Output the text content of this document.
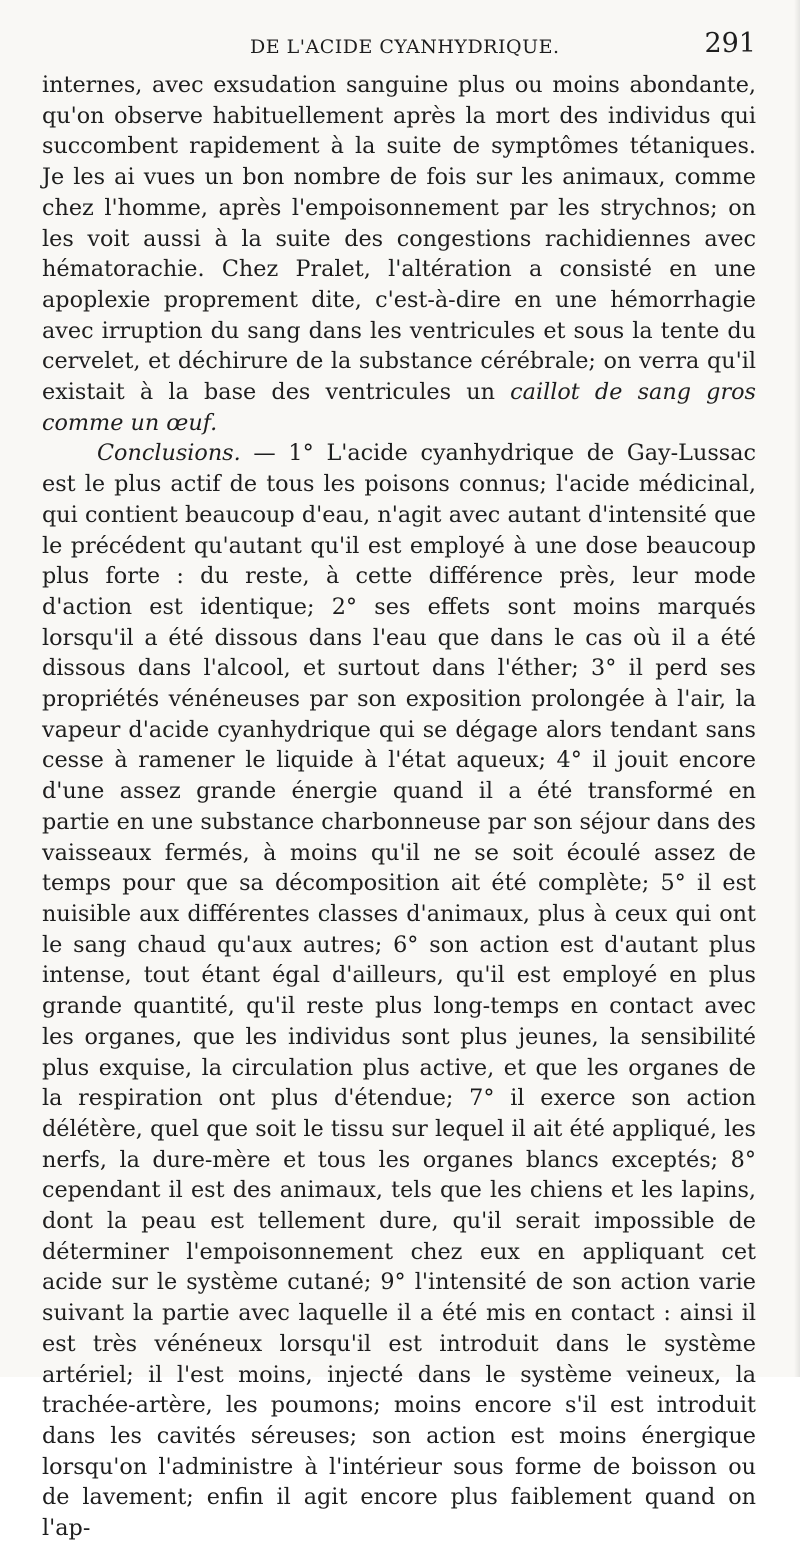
DE L'ACIDE CYANHYDRIQUE.	291

internes, avec exsudation sanguine plus ou moins abondante, qu'on observe habituellement après la mort des individus qui succombent rapidement à la suite de symptômes tétaniques. Je les ai vues un bon nombre de fois sur les animaux, comme chez l'homme, après l'empoisonnement par les strychnos; on les voit aussi à la suite des congestions rachidiennes avec hématorachie. Chez Pralet, l'altération a consisté en une apoplexie proprement dite, c'est-à-dire en une hémorrhagie avec irruption du sang dans les ventricules et sous la tente du cervelet, et déchirure de la substance cérébrale; on verra qu'il existait à la base des ventricules un caillot de sang gros comme un œuf.

Conclusions. — 1° L'acide cyanhydrique de Gay-Lussac est le plus actif de tous les poisons connus; l'acide médicinal, qui contient beaucoup d'eau, n'agit avec autant d'intensité que le précédent qu'autant qu'il est employé à une dose beaucoup plus forte : du reste, à cette différence près, leur mode d'action est identique; 2° ses effets sont moins marqués lorsqu'il a été dissous dans l'eau que dans le cas où il a été dissous dans l'alcool, et surtout dans l'éther; 3° il perd ses propriétés vénéneuses par son exposition prolongée à l'air, la vapeur d'acide cyanhydrique qui se dégage alors tendant sans cesse à ramener le liquide à l'état aqueux; 4° il jouit encore d'une assez grande énergie quand il a été transformé en partie en une substance charbonneuse par son séjour dans des vaisseaux fermés, à moins qu'il ne se soit écoulé assez de temps pour que sa décomposition ait été complète; 5° il est nuisible aux différentes classes d'animaux, plus à ceux qui ont le sang chaud qu'aux autres; 6° son action est d'autant plus intense, tout étant égal d'ailleurs, qu'il est employé en plus grande quantité, qu'il reste plus long-temps en contact avec les organes, que les individus sont plus jeunes, la sensibilité plus exquise, la circulation plus active, et que les organes de la respiration ont plus d'étendue; 7° il exerce son action délétère, quel que soit le tissu sur lequel il ait été appliqué, les nerfs, la dure-mère et tous les organes blancs exceptés; 8° cependant il est des animaux, tels que les chiens et les lapins, dont la peau est tellement dure, qu'il serait impossible de déterminer l'empoisonnement chez eux en appliquant cet acide sur le système cutané; 9° l'intensité de son action varie suivant la partie avec laquelle il a été mis en contact : ainsi il est très vénéneux lorsqu'il est introduit dans le système artériel; il l'est moins, injecté dans le système veineux, la trachée-artère, les poumons; moins encore s'il est introduit dans les cavités séreuses; son action est moins énergique lorsqu'on l'administre à l'intérieur sous forme de boisson ou de lavement; enfin il agit encore plus faiblement quand on l'ap-
